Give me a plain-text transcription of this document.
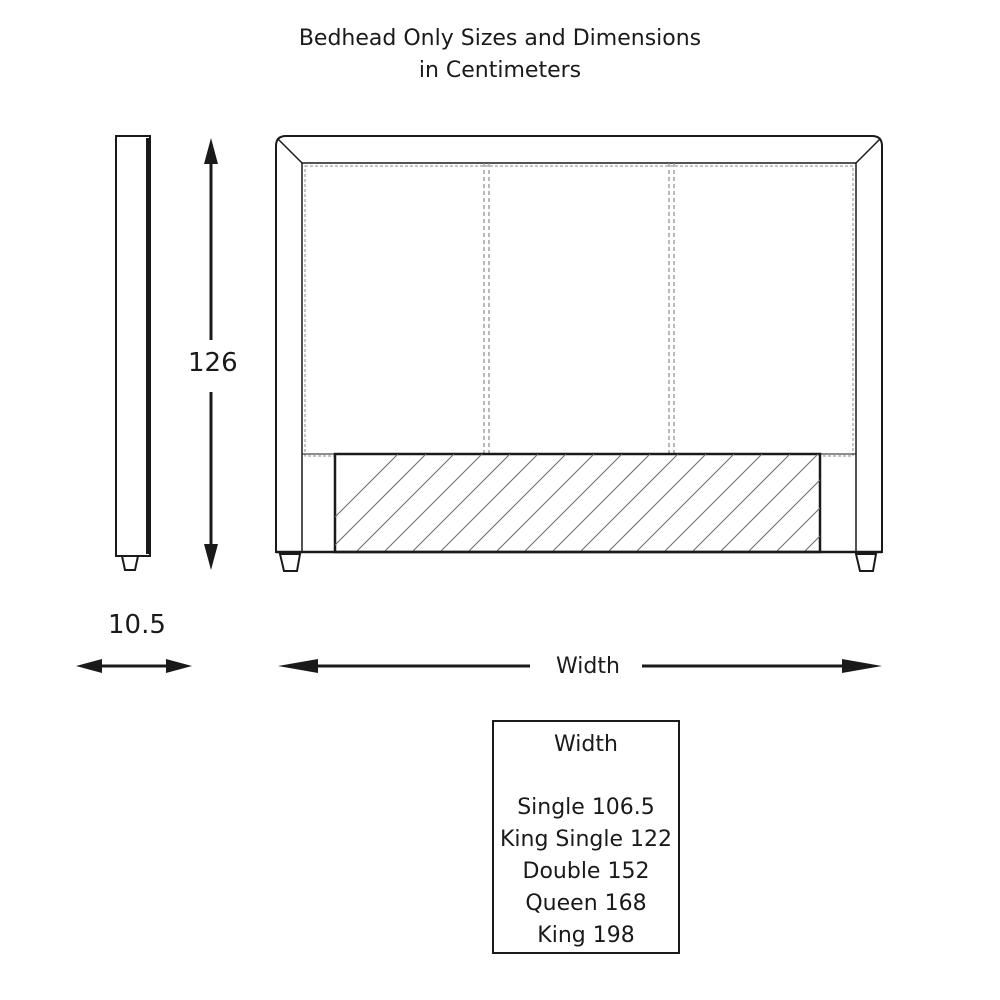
Bedhead Only Sizes and Dimensions
in Centimeters
126
10.5
Width
Width
Single 106.5
King Single 122
Double 152
Queen 168
King 198
